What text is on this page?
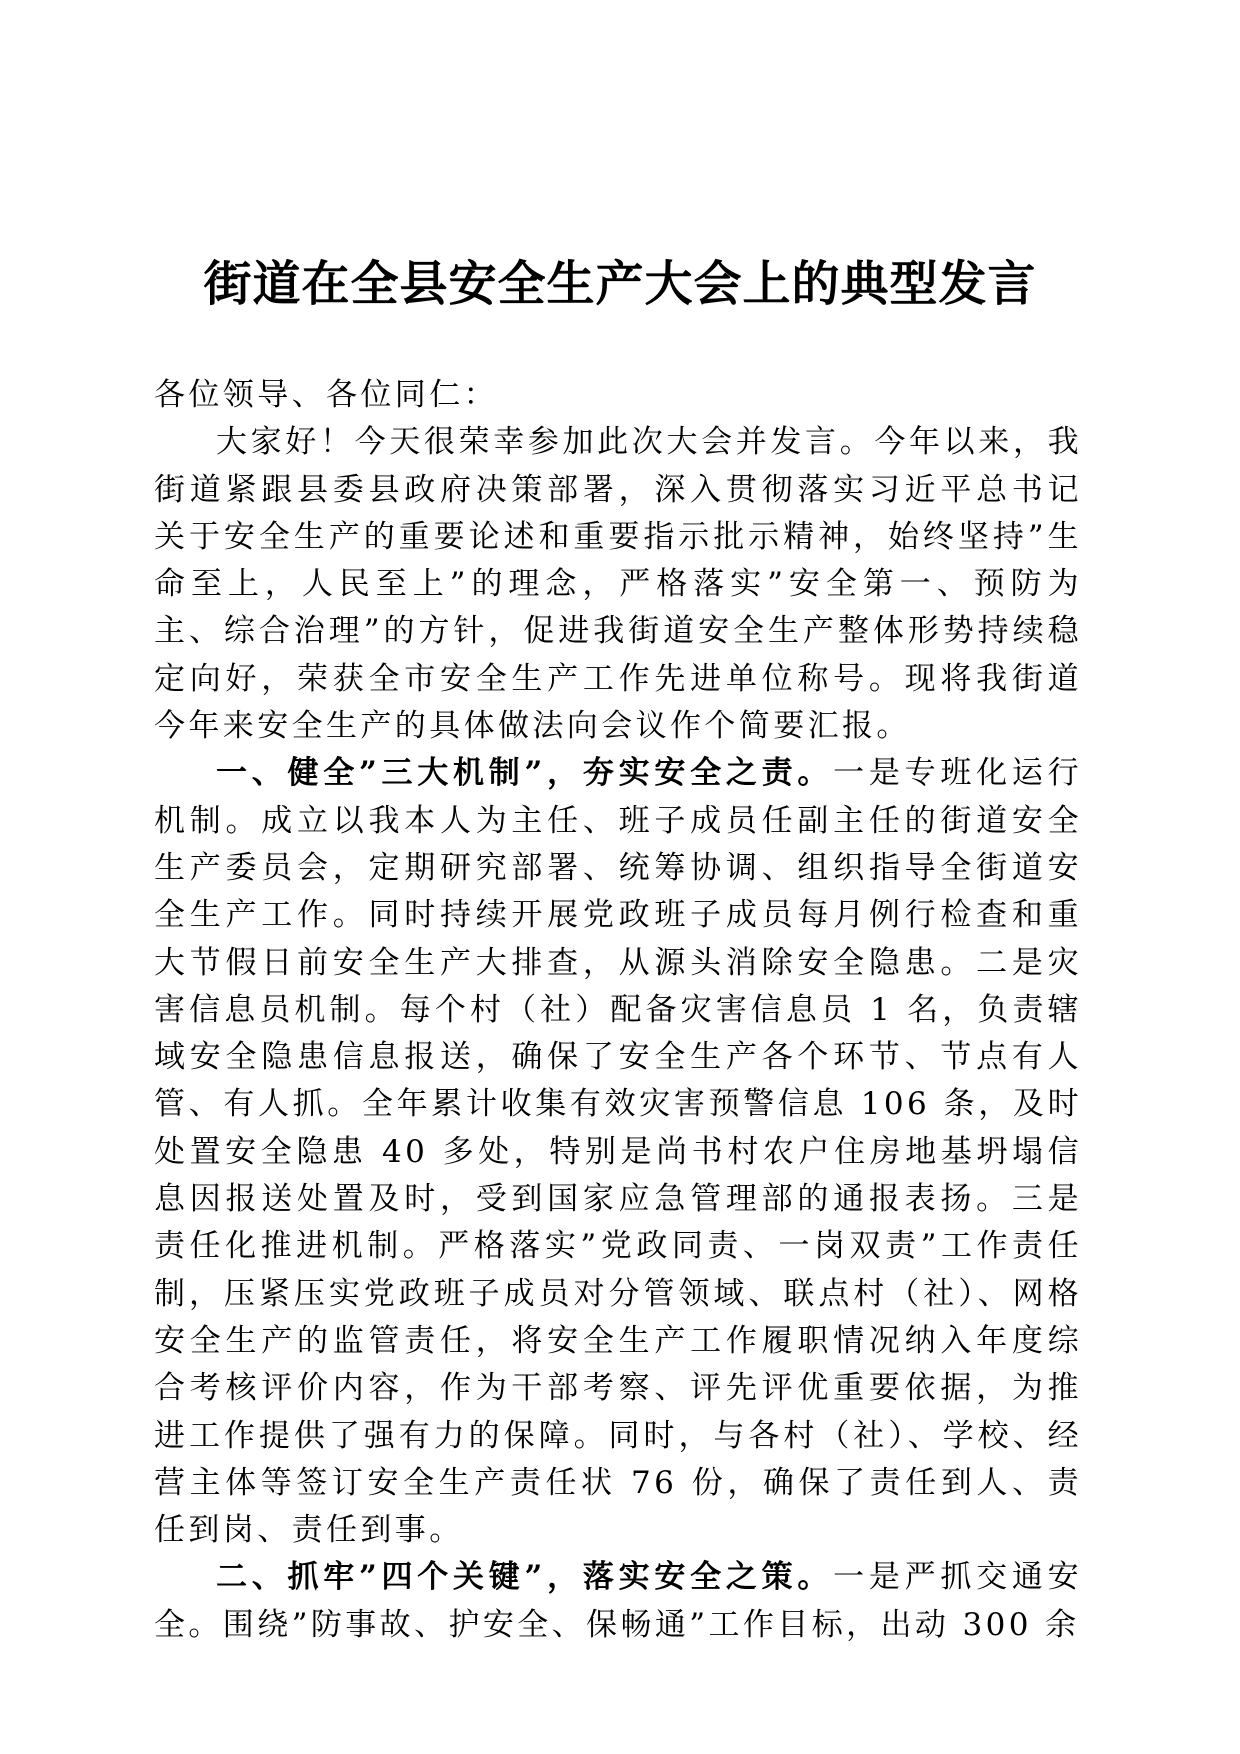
街道在全县安全生产大会上的典型发言

各位领导、各位同仁：

大家好！今天很荣幸参加此次大会并发言。今年以来，我街道紧跟县委县政府决策部署，深入贯彻落实习近平总书记关于安全生产的重要论述和重要指示批示精神，始终坚持”生命至上，人民至上”的理念，严格落实”安全第一、预防为主、综合治理”的方针，促进我街道安全生产整体形势持续稳定向好，荣获全市安全生产工作先进单位称号。现将我街道今年来安全生产的具体做法向会议作个简要汇报。

一、健全”三大机制”，夯实安全之责。一是专班化运行机制。成立以我本人为主任、班子成员任副主任的街道安全生产委员会，定期研究部署、统筹协调、组织指导全街道安全生产工作。同时持续开展党政班子成员每月例行检查和重大节假日前安全生产大排查，从源头消除安全隐患。二是灾害信息员机制。每个村（社）配备灾害信息员 1 名，负责辖域安全隐患信息报送，确保了安全生产各个环节、节点有人管、有人抓。全年累计收集有效灾害预警信息 106 条，及时处置安全隐患 40 多处，特别是尚书村农户住房地基坍塌信息因报送处置及时，受到国家应急管理部的通报表扬。三是责任化推进机制。严格落实”党政同责、一岗双责”工作责任制，压紧压实党政班子成员对分管领域、联点村（社）、网格安全生产的监管责任，将安全生产工作履职情况纳入年度综合考核评价内容，作为干部考察、评先评优重要依据，为推进工作提供了强有力的保障。同时，与各村（社）、学校、经营主体等签订安全生产责任状 76 份，确保了责任到人、责任到岗、责任到事。

二、抓牢”四个关键”，落实安全之策。一是严抓交通安全。围绕”防事故、护安全、保畅通”工作目标，出动 300 余
